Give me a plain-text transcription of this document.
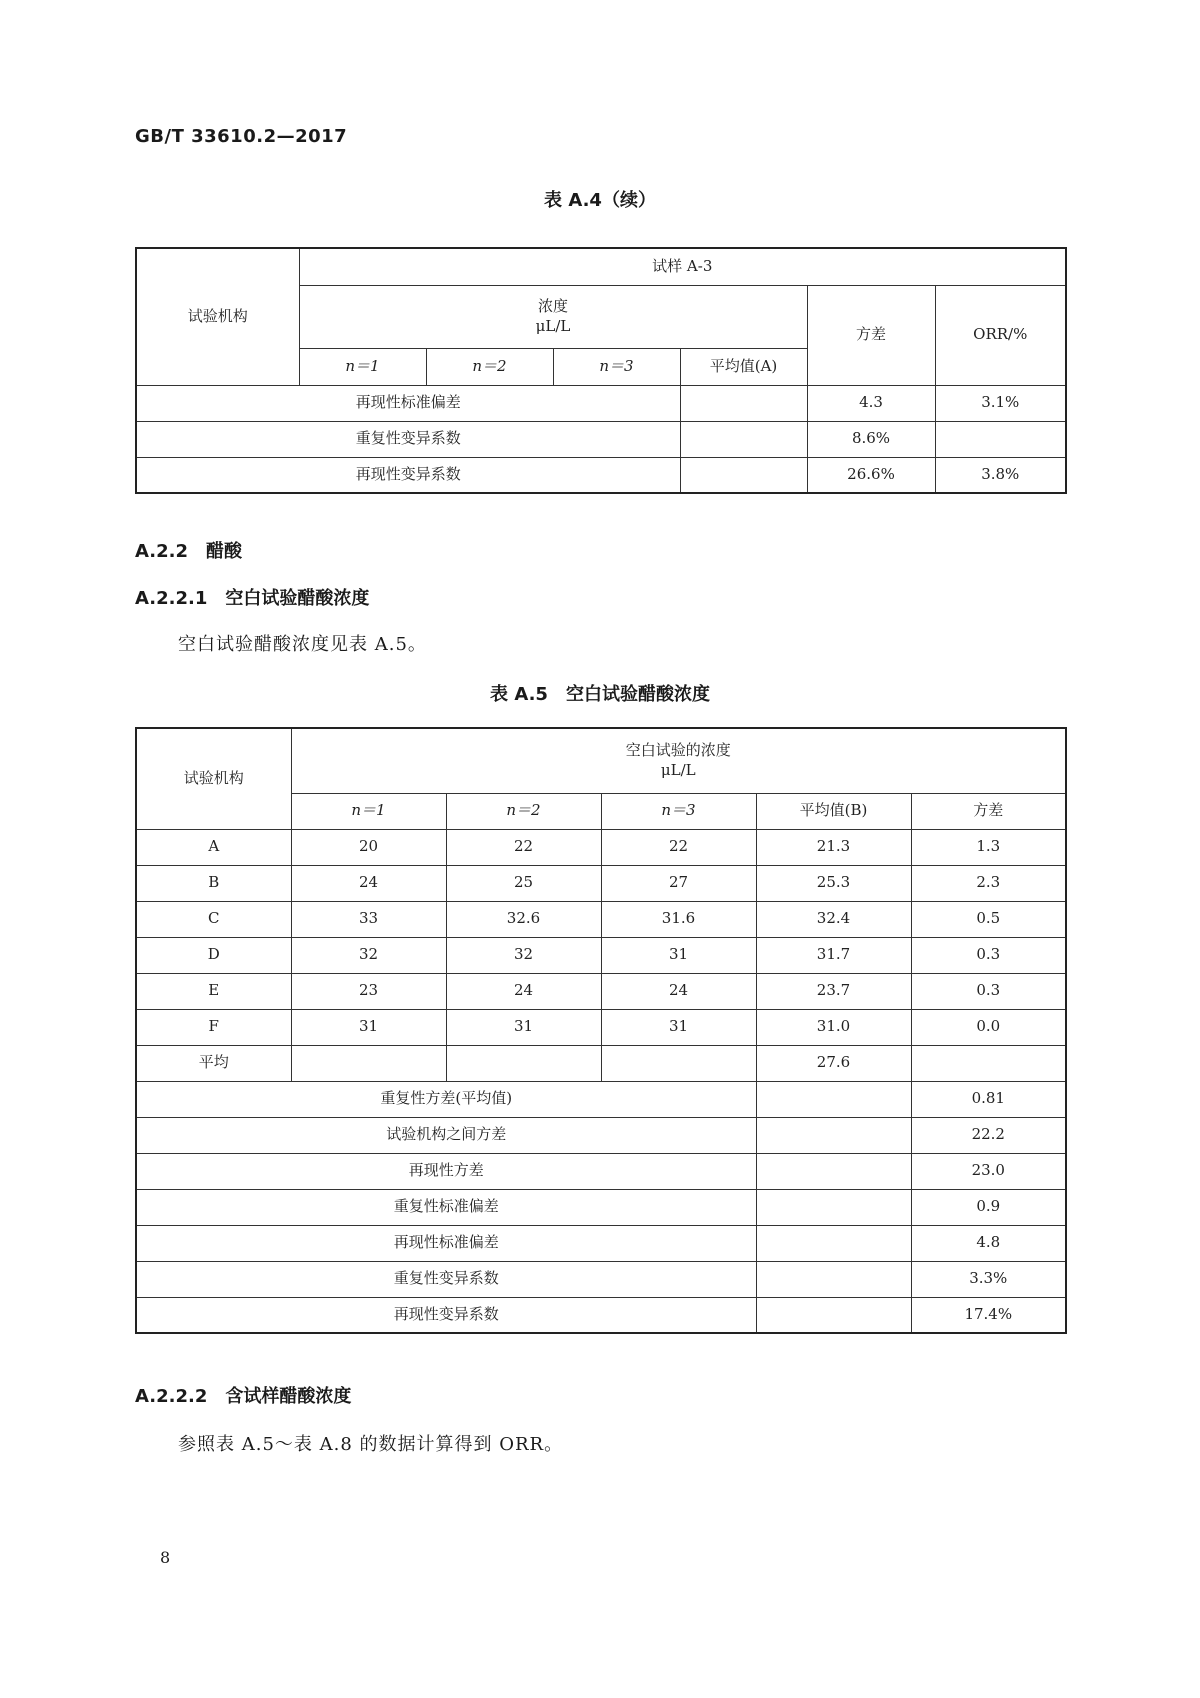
GB/T 33610.2—2017
表 A.4（续）
试验机构	试样 A-3					

	浓度
μL/L				方差	ORR/%
	n＝1	n＝2	n＝3	平均值(A)		
再现性标准偏差					4.3	3.1%
重复性变异系数					8.6%	
再现性变异系数					26.6%	3.8%
A.2.2 醋酸
A.2.2.1 空白试验醋酸浓度
空白试验醋酸浓度见表 A.5。
表 A.5　空白试验醋酸浓度
试验机构	空白试验的浓度
μL/L				

	n＝1	n＝2	n＝3	平均值(B)	方差
A	20	22	22	21.3	1.3
B	24	25	27	25.3	2.3
C	33	32.6	31.6	32.4	0.5
D	32	32	31	31.7	0.3
E	23	24	24	23.7	0.3
F	31	31	31	31.0	0.0
平均				27.6	
重复性方差(平均值)					0.81
试验机构之间方差					22.2
再现性方差					23.0
重复性标准偏差					0.9
再现性标准偏差					4.8
重复性变异系数					3.3%
再现性变异系数					17.4%
A.2.2.2 含试样醋酸浓度
参照表 A.5～表 A.8 的数据计算得到 ORR。
8
